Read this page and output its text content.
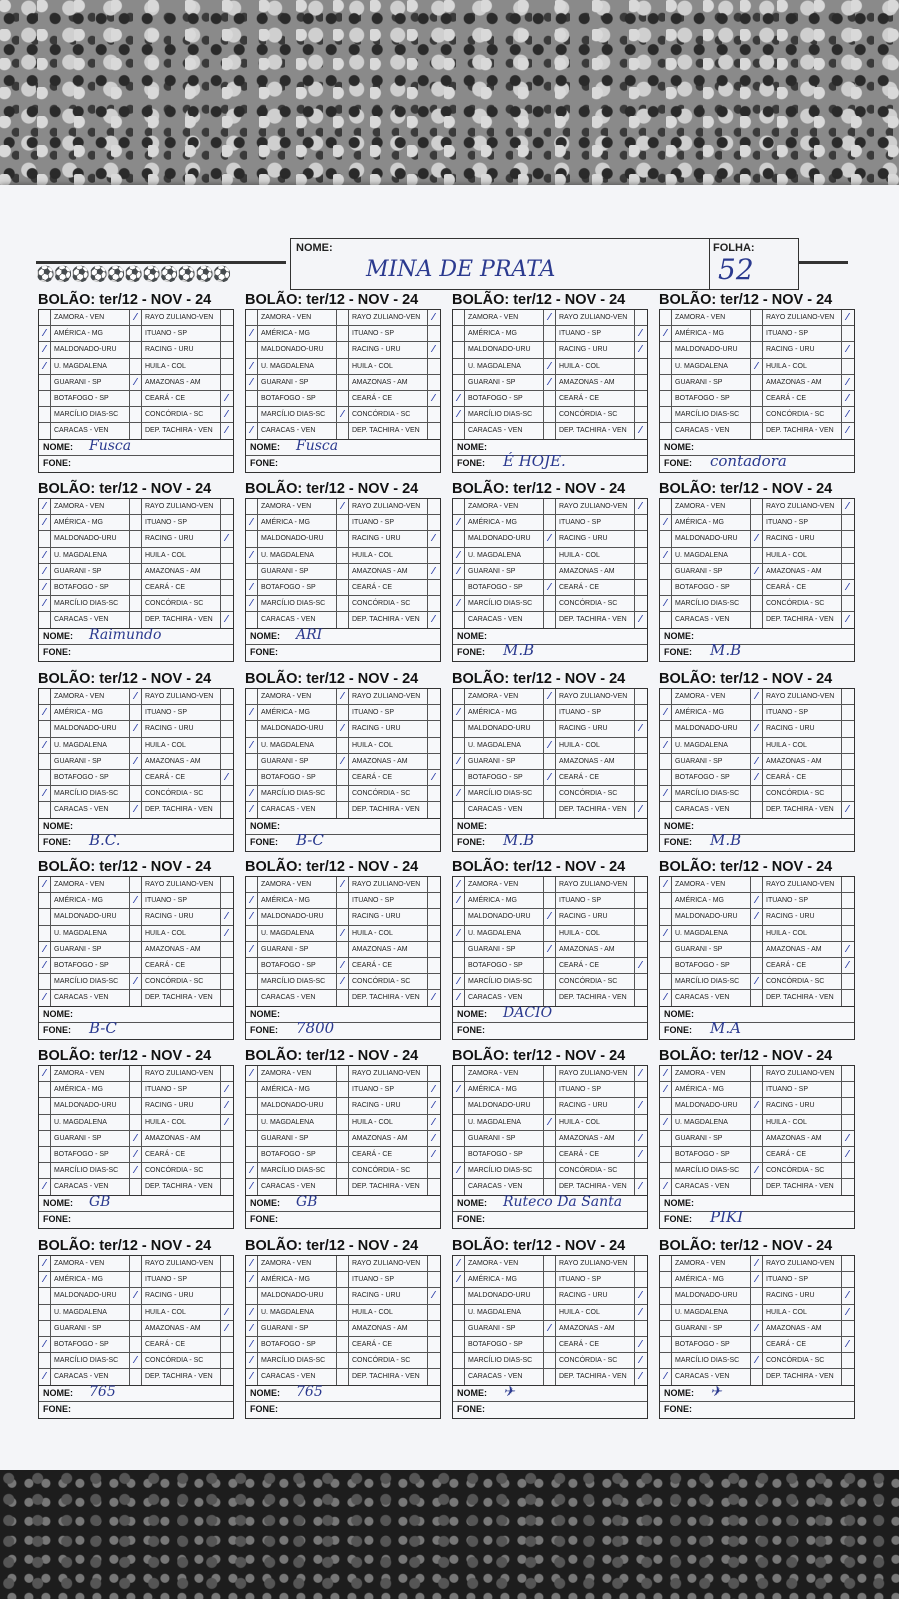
⚽⚽⚽⚽⚽⚽⚽⚽⚽⚽⚽
NOME:
MINA DE PRATA
FOLHA:
52
BOLÃO: ter/12 - NOV - 24
ZAMORA - VEN	⁄	RAYO ZULIANO-VEN
⁄	AMÉRICA - MG	ITUANO - SP
⁄	MALDONADO-URU	RACING - URU
⁄	U. MAGDALENA	HUILA - COL
GUARANI - SP	⁄	AMAZONAS - AM
BOTAFOGO - SP	CEARÁ - CE	⁄
MARCÍLIO DIAS-SC	CONCÓRDIA - SC	⁄
CARACAS - VEN	DEP. TACHIRA - VEN	⁄
NOME: Fusca
FONE:
BOLÃO: ter/12 - NOV - 24
ZAMORA - VEN	RAYO ZULIANO-VEN	⁄
⁄	AMÉRICA - MG	ITUANO - SP
MALDONADO-URU	RACING - URU	⁄
⁄	U. MAGDALENA	HUILA - COL
⁄	GUARANI - SP	AMAZONAS - AM
BOTAFOGO - SP	CEARÁ - CE	⁄
MARCÍLIO DIAS-SC	⁄	CONCÓRDIA - SC
⁄	CARACAS - VEN	DEP. TACHIRA - VEN
NOME: Fusca
FONE:
BOLÃO: ter/12 - NOV - 24
ZAMORA - VEN	⁄	RAYO ZULIANO-VEN
AMÉRICA - MG	ITUANO - SP	⁄
MALDONADO-URU	RACING - URU	⁄
U. MAGDALENA	⁄	HUILA - COL
GUARANI - SP	⁄	AMAZONAS - AM
⁄	BOTAFOGO - SP	CEARÁ - CE
⁄	MARCÍLIO DIAS-SC	CONCÓRDIA - SC
CARACAS - VEN	DEP. TACHIRA - VEN	⁄
NOME:
FONE: É HOJE.
BOLÃO: ter/12 - NOV - 24
ZAMORA - VEN	RAYO ZULIANO-VEN	⁄
⁄	AMÉRICA - MG	ITUANO - SP
MALDONADO-URU	RACING - URU	⁄
U. MAGDALENA	⁄	HUILA - COL
GUARANI - SP	AMAZONAS - AM	⁄
BOTAFOGO - SP	CEARÁ - CE	⁄
MARCÍLIO DIAS-SC	CONCÓRDIA - SC	⁄
CARACAS - VEN	DEP. TACHIRA - VEN	⁄
NOME:
FONE: contadora
BOLÃO: ter/12 - NOV - 24
⁄	ZAMORA - VEN	RAYO ZULIANO-VEN
⁄	AMÉRICA - MG	ITUANO - SP
MALDONADO-URU	RACING - URU	⁄
⁄	U. MAGDALENA	HUILA - COL
⁄	GUARANI - SP	AMAZONAS - AM
⁄	BOTAFOGO - SP	CEARÁ - CE
⁄	MARCÍLIO DIAS-SC	CONCÓRDIA - SC
CARACAS - VEN	DEP. TACHIRA - VEN	⁄
NOME: Raimundo
FONE:
BOLÃO: ter/12 - NOV - 24
ZAMORA - VEN	⁄	RAYO ZULIANO-VEN
⁄	AMÉRICA - MG	ITUANO - SP
MALDONADO-URU	RACING - URU	⁄
⁄	U. MAGDALENA	HUILA - COL
GUARANI - SP	AMAZONAS - AM	⁄
⁄	BOTAFOGO - SP	CEARÁ - CE
⁄	MARCÍLIO DIAS-SC	CONCÓRDIA - SC
CARACAS - VEN	DEP. TACHIRA - VEN	⁄
NOME: ARI
FONE:
BOLÃO: ter/12 - NOV - 24
ZAMORA - VEN	RAYO ZULIANO-VEN	⁄
⁄	AMÉRICA - MG	ITUANO - SP
MALDONADO-URU	⁄	RACING - URU
⁄	U. MAGDALENA	HUILA - COL
⁄	GUARANI - SP	AMAZONAS - AM
BOTAFOGO - SP	⁄	CEARÁ - CE
⁄	MARCÍLIO DIAS-SC	CONCÓRDIA - SC
CARACAS - VEN	DEP. TACHIRA - VEN	⁄
NOME:
FONE: M.B
BOLÃO: ter/12 - NOV - 24
ZAMORA - VEN	RAYO ZULIANO-VEN	⁄
⁄	AMÉRICA - MG	ITUANO - SP
MALDONADO-URU	⁄	RACING - URU
⁄	U. MAGDALENA	HUILA - COL
GUARANI - SP	⁄	AMAZONAS - AM
BOTAFOGO - SP	CEARÁ - CE	⁄
⁄	MARCÍLIO DIAS-SC	CONCÓRDIA - SC
CARACAS - VEN	DEP. TACHIRA - VEN	⁄
NOME:
FONE: M.B
BOLÃO: ter/12 - NOV - 24
ZAMORA - VEN	⁄	RAYO ZULIANO-VEN
⁄	AMÉRICA - MG	ITUANO - SP
MALDONADO-URU	⁄	RACING - URU
⁄	U. MAGDALENA	HUILA - COL
GUARANI - SP	⁄	AMAZONAS - AM
BOTAFOGO - SP	CEARÁ - CE	⁄
⁄	MARCÍLIO DIAS-SC	CONCÓRDIA - SC
CARACAS - VEN	⁄	DEP. TACHIRA - VEN
NOME:
FONE: B.C.
BOLÃO: ter/12 - NOV - 24
ZAMORA - VEN	⁄	RAYO ZULIANO-VEN
⁄	AMÉRICA - MG	ITUANO - SP
MALDONADO-URU	⁄	RACING - URU
⁄	U. MAGDALENA	HUILA - COL
GUARANI - SP	⁄	AMAZONAS - AM
BOTAFOGO - SP	CEARÁ - CE	⁄
⁄	MARCÍLIO DIAS-SC	CONCÓRDIA - SC
⁄	CARACAS - VEN	DEP. TACHIRA - VEN
NOME:
FONE: B-C
BOLÃO: ter/12 - NOV - 24
ZAMORA - VEN	⁄	RAYO ZULIANO-VEN
⁄	AMÉRICA - MG	ITUANO - SP
MALDONADO-URU	RACING - URU	⁄
U. MAGDALENA	⁄	HUILA - COL
⁄	GUARANI - SP	AMAZONAS - AM
BOTAFOGO - SP	⁄	CEARÁ - CE
⁄	MARCÍLIO DIAS-SC	CONCÓRDIA - SC
CARACAS - VEN	DEP. TACHIRA - VEN	⁄
NOME:
FONE: M.B
BOLÃO: ter/12 - NOV - 24
ZAMORA - VEN	⁄	RAYO ZULIANO-VEN
⁄	AMÉRICA - MG	ITUANO - SP
MALDONADO-URU	⁄	RACING - URU
⁄	U. MAGDALENA	HUILA - COL
GUARANI - SP	⁄	AMAZONAS - AM
BOTAFOGO - SP	⁄	CEARÁ - CE
⁄	MARCÍLIO DIAS-SC	CONCÓRDIA - SC
CARACAS - VEN	DEP. TACHIRA - VEN	⁄
NOME:
FONE: M.B
BOLÃO: ter/12 - NOV - 24
⁄	ZAMORA - VEN	RAYO ZULIANO-VEN
AMÉRICA - MG	⁄	ITUANO - SP
MALDONADO-URU	RACING - URU	⁄
U. MAGDALENA	HUILA - COL	⁄
⁄	GUARANI - SP	AMAZONAS - AM
⁄	BOTAFOGO - SP	CEARÁ - CE
MARCÍLIO DIAS-SC	⁄	CONCÓRDIA - SC
⁄	CARACAS - VEN	DEP. TACHIRA - VEN
NOME:
FONE: B-C
BOLÃO: ter/12 - NOV - 24
ZAMORA - VEN	⁄	RAYO ZULIANO-VEN
⁄	AMÉRICA - MG	ITUANO - SP
⁄	MALDONADO-URU	RACING - URU
U. MAGDALENA	⁄	HUILA - COL
⁄	GUARANI - SP	AMAZONAS - AM
BOTAFOGO - SP	⁄	CEARÁ - CE
MARCÍLIO DIAS-SC	⁄	CONCÓRDIA - SC
CARACAS - VEN	DEP. TACHIRA - VEN	⁄
NOME:
FONE: 7800
BOLÃO: ter/12 - NOV - 24
⁄	ZAMORA - VEN	RAYO ZULIANO-VEN
⁄	AMÉRICA - MG	ITUANO - SP
MALDONADO-URU	⁄	RACING - URU
⁄	U. MAGDALENA	HUILA - COL
GUARANI - SP	⁄	AMAZONAS - AM
BOTAFOGO - SP	CEARÁ - CE	⁄
⁄	MARCÍLIO DIAS-SC	CONCÓRDIA - SC
⁄	CARACAS - VEN	DEP. TACHIRA - VEN
NOME: DACIO
FONE:
BOLÃO: ter/12 - NOV - 24
⁄	ZAMORA - VEN	RAYO ZULIANO-VEN
AMÉRICA - MG	⁄	ITUANO - SP
MALDONADO-URU	⁄	RACING - URU
⁄	U. MAGDALENA	HUILA - COL
GUARANI - SP	AMAZONAS - AM	⁄
BOTAFOGO - SP	CEARÁ - CE	⁄
MARCÍLIO DIAS-SC	⁄	CONCÓRDIA - SC
⁄	CARACAS - VEN	DEP. TACHIRA - VEN
NOME:
FONE: M.A
BOLÃO: ter/12 - NOV - 24
⁄	ZAMORA - VEN	RAYO ZULIANO-VEN
AMÉRICA - MG	ITUANO - SP	⁄
MALDONADO-URU	RACING - URU	⁄
U. MAGDALENA	HUILA - COL	⁄
GUARANI - SP	⁄	AMAZONAS - AM
BOTAFOGO - SP	⁄	CEARÁ - CE
MARCÍLIO DIAS-SC	⁄	CONCÓRDIA - SC
⁄	CARACAS - VEN	DEP. TACHIRA - VEN
NOME: GB
FONE:
BOLÃO: ter/12 - NOV - 24
⁄	ZAMORA - VEN	RAYO ZULIANO-VEN
AMÉRICA - MG	ITUANO - SP	⁄
MALDONADO-URU	RACING - URU	⁄
U. MAGDALENA	HUILA - COL	⁄
GUARANI - SP	AMAZONAS - AM	⁄
BOTAFOGO - SP	CEARÁ - CE	⁄
⁄	MARCÍLIO DIAS-SC	CONCÓRDIA - SC
⁄	CARACAS - VEN	DEP. TACHIRA - VEN
NOME: GB
FONE:
BOLÃO: ter/12 - NOV - 24
ZAMORA - VEN	RAYO ZULIANO-VEN	⁄
⁄	AMÉRICA - MG	ITUANO - SP
MALDONADO-URU	RACING - URU	⁄
U. MAGDALENA	⁄	HUILA - COL
GUARANI - SP	AMAZONAS - AM	⁄
BOTAFOGO - SP	CEARÁ - CE	⁄
⁄	MARCÍLIO DIAS-SC	CONCÓRDIA - SC
CARACAS - VEN	DEP. TACHIRA - VEN	⁄
NOME: Ruteco Da Santa
FONE:
BOLÃO: ter/12 - NOV - 24
⁄	ZAMORA - VEN	RAYO ZULIANO-VEN
⁄	AMÉRICA - MG	ITUANO - SP
MALDONADO-URU	⁄	RACING - URU
⁄	U. MAGDALENA	HUILA - COL
GUARANI - SP	AMAZONAS - AM	⁄
BOTAFOGO - SP	CEARÁ - CE	⁄
MARCÍLIO DIAS-SC	⁄	CONCÓRDIA - SC
⁄	CARACAS - VEN	DEP. TACHIRA - VEN
NOME:
FONE: PIKI
BOLÃO: ter/12 - NOV - 24
⁄	ZAMORA - VEN	RAYO ZULIANO-VEN
⁄	AMÉRICA - MG	ITUANO - SP
MALDONADO-URU	⁄	RACING - URU
U. MAGDALENA	HUILA - COL	⁄
GUARANI - SP	AMAZONAS - AM	⁄
⁄	BOTAFOGO - SP	CEARÁ - CE
MARCÍLIO DIAS-SC	⁄	CONCÓRDIA - SC
⁄	CARACAS - VEN	DEP. TACHIRA - VEN
NOME: 765
FONE:
BOLÃO: ter/12 - NOV - 24
⁄	ZAMORA - VEN	RAYO ZULIANO-VEN
⁄	AMÉRICA - MG	ITUANO - SP
MALDONADO-URU	RACING - URU	⁄
⁄	U. MAGDALENA	HUILA - COL
⁄	GUARANI - SP	AMAZONAS - AM
⁄	BOTAFOGO - SP	CEARÁ - CE
⁄	MARCÍLIO DIAS-SC	CONCÓRDIA - SC
⁄	CARACAS - VEN	DEP. TACHIRA - VEN
NOME: 765
FONE:
BOLÃO: ter/12 - NOV - 24
⁄	ZAMORA - VEN	RAYO ZULIANO-VEN
⁄	AMÉRICA - MG	ITUANO - SP
MALDONADO-URU	RACING - URU	⁄
U. MAGDALENA	HUILA - COL	⁄
GUARANI - SP	⁄	AMAZONAS - AM
BOTAFOGO - SP	CEARÁ - CE	⁄
MARCÍLIO DIAS-SC	CONCÓRDIA - SC	⁄
CARACAS - VEN	DEP. TACHIRA - VEN	⁄
NOME: ✈
FONE:
BOLÃO: ter/12 - NOV - 24
ZAMORA - VEN	⁄	RAYO ZULIANO-VEN
AMÉRICA - MG	⁄	ITUANO - SP
MALDONADO-URU	RACING - URU	⁄
U. MAGDALENA	HUILA - COL	⁄
GUARANI - SP	⁄	AMAZONAS - AM
BOTAFOGO - SP	CEARÁ - CE	⁄
MARCÍLIO DIAS-SC	⁄	CONCÓRDIA - SC
⁄	CARACAS - VEN	DEP. TACHIRA - VEN
NOME: ✈
FONE:
